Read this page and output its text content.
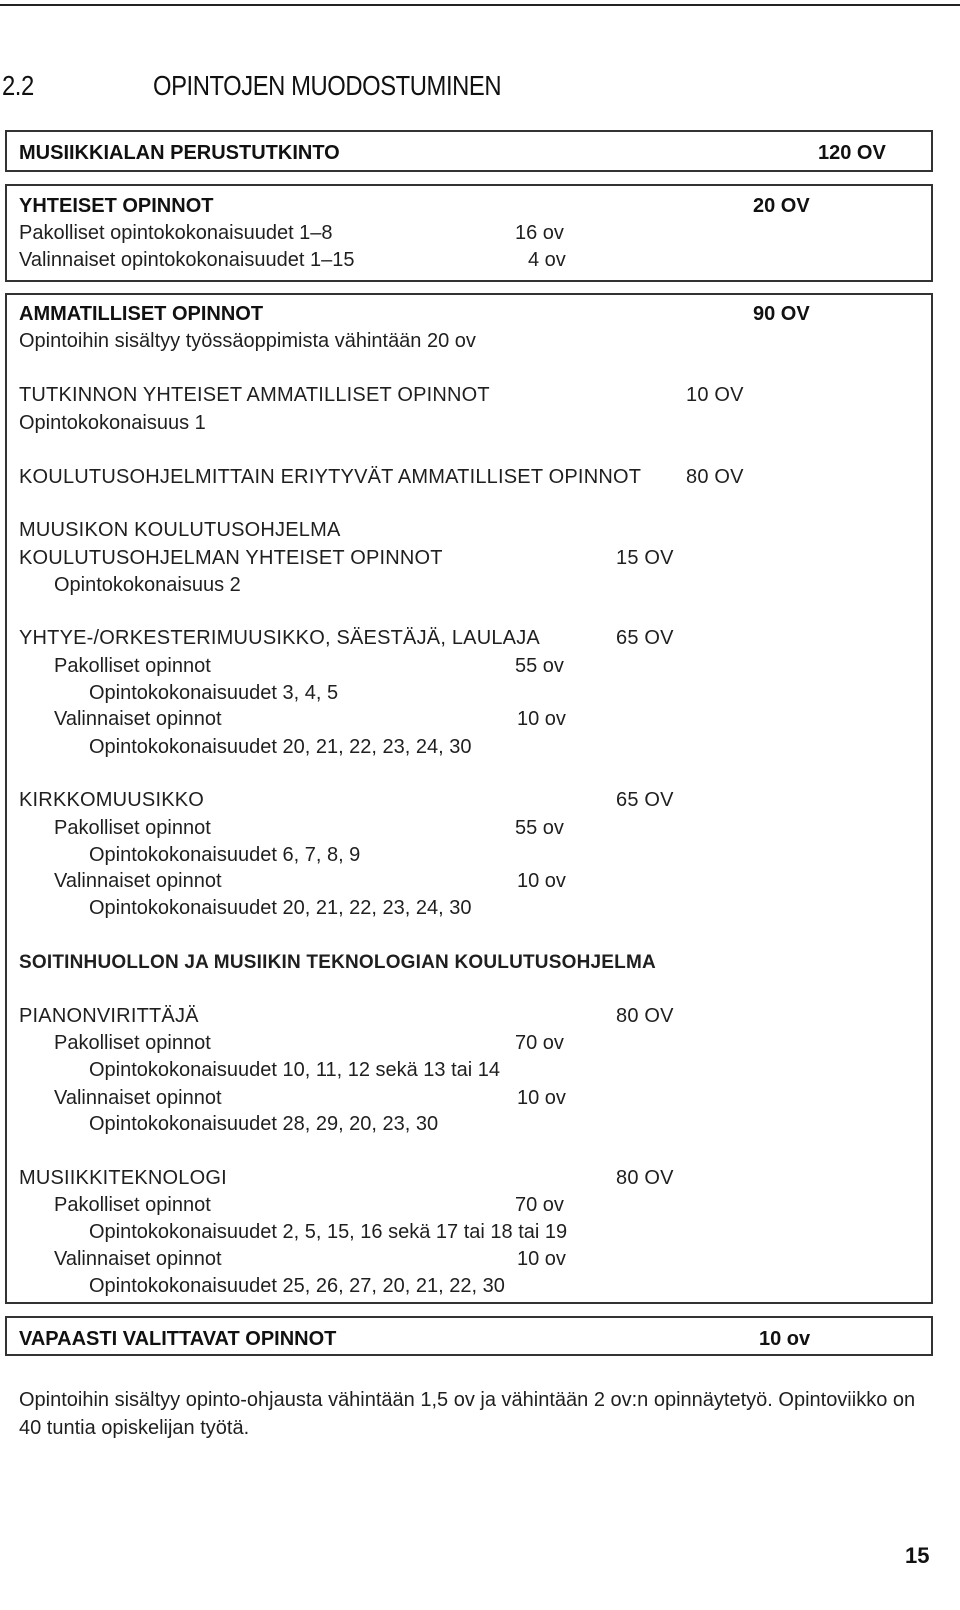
2.2	OPINTOJEN MUODOSTUMINEN
MUSIIKKIALAN PERUSTUTKINTO	120 OV
YHTEISET OPINNOT	20 OV
Pakolliset opintokokonaisuudet 1–8	16 ov
Valinnaiset opintokokonaisuudet 1–15	4 ov
AMMATILLISET OPINNOT	90 OV
Opintoihin sisältyy työssäoppimista vähintään 20 ov
TUTKINNON YHTEISET AMMATILLISET OPINNOT	10 OV
Opintokokonaisuus 1
KOULUTUSOHJELMITTAIN ERIYTYVÄT AMMATILLISET OPINNOT 80 OV
MUUSIKON KOULUTUSOHJELMA
KOULUTUSOHJELMAN YHTEISET OPINNOT	15 OV
Opintokokonaisuus 2
YHTYE-/ORKESTERIMUUSIKKO, SÄESTÄJÄ, LAULAJA	65 OV
Pakolliset opinnot	55 ov
Opintokokonaisuudet 3, 4, 5
Valinnaiset opinnot	10 ov
Opintokokonaisuudet 20, 21, 22, 23, 24, 30
KIRKKOMUUSIKKO	65 OV
Pakolliset opinnot	55 ov
Opintokokonaisuudet 6, 7, 8, 9
Valinnaiset opinnot	10 ov
Opintokokonaisuudet 20, 21, 22, 23, 24, 30
SOITINHUOLLON JA MUSIIKIN TEKNOLOGIAN KOULUTUSOHJELMA
PIANONVIRITTÄJÄ	80 OV
Pakolliset opinnot	70 ov
Opintokokonaisuudet 10, 11, 12 sekä 13 tai 14
Valinnaiset opinnot	10 ov
Opintokokonaisuudet 28, 29, 20, 23, 30
MUSIIKKITEKNOLOGI	80 OV
Pakolliset opinnot	70 ov
Opintokokonaisuudet 2, 5, 15, 16 sekä 17 tai 18 tai 19
Valinnaiset opinnot	10 ov
Opintokokonaisuudet 25, 26, 27, 20, 21, 22, 30
VAPAASTI VALITTAVAT OPINNOT	10 ov
Opintoihin sisältyy opinto-ohjausta vähintään 1,5 ov ja vähintään 2 ov:n opinnäytetyö. Opintoviikko on 40 tuntia opiskelijan työtä.
15
